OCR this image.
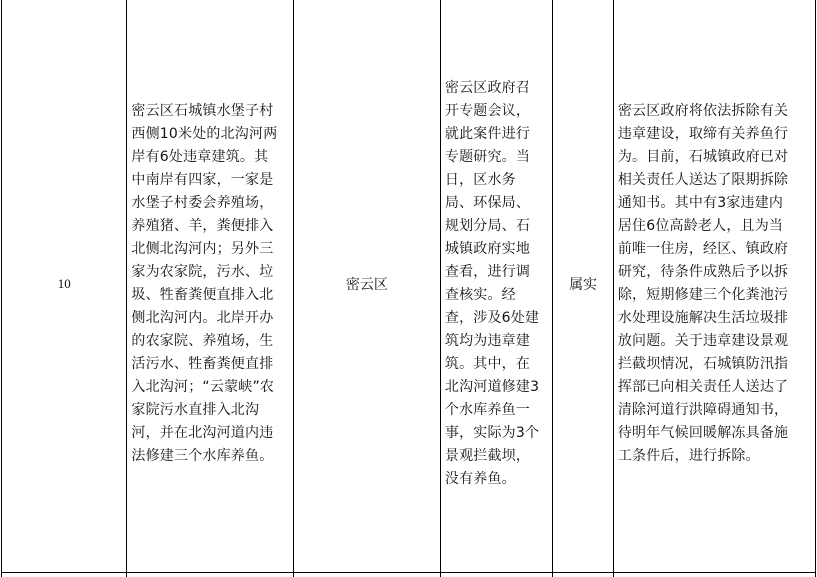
10	密云区石城镇水堡子村西侧10米处的北沟河两岸有6处违章建筑。其中南岸有四家，一家是水堡子村委会养殖场，养殖猪、羊，粪便排入北侧北沟河内；另外三家为农家院，污水、垃圾、牲畜粪便直排入北侧北沟河内。北岸开办的农家院、养殖场，生活污水、牲畜粪便直排入北沟河；“云蒙峡”农家院污水直排入北沟河，并在北沟河道内违法修建三个水库养鱼。	密云区	密云区政府召开专题会议，就此案件进行专题研究。当日，区水务局、环保局、规划分局、石城镇政府实地查看，进行调查核实。经查，涉及6处建筑均为违章建筑。其中，在北沟河道修建3个水库养鱼一事，实际为3个景观拦截坝，没有养鱼。	属实	密云区政府将依法拆除有关违章建设，取缔有关养鱼行为。目前，石城镇政府已对相关责任人送达了限期拆除通知书。其中有3家违建内居住6位高龄老人，且为当前唯一住房，经区、镇政府研究，待条件成熟后予以拆除，短期修建三个化粪池污水处理设施解决生活垃圾排放问题。关于违章建设景观拦截坝情况，石城镇防汛指挥部已向相关责任人送达了清除河道行洪障碍通知书，待明年气候回暖解冻具备施工条件后，进行拆除。
